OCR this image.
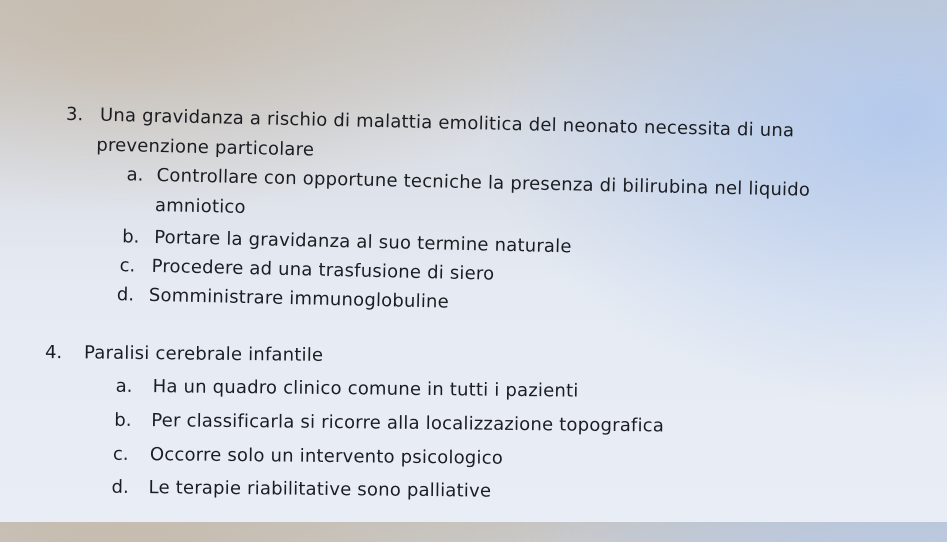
3. Una gravidanza a rischio di malattia emolitica del neonato necessita di una
prevenzione particolare
a. Controllare con opportune tecniche la presenza di bilirubina nel liquido
amniotico
b. Portare la gravidanza al suo termine naturale
c. Procedere ad una trasfusione di siero
d. Somministrare immunoglobuline
4. Paralisi cerebrale infantile
a. Ha un quadro clinico comune in tutti i pazienti
b. Per classificarla si ricorre alla localizzazione topografica
c. Occorre solo un intervento psicologico
d. Le terapie riabilitative sono palliative
